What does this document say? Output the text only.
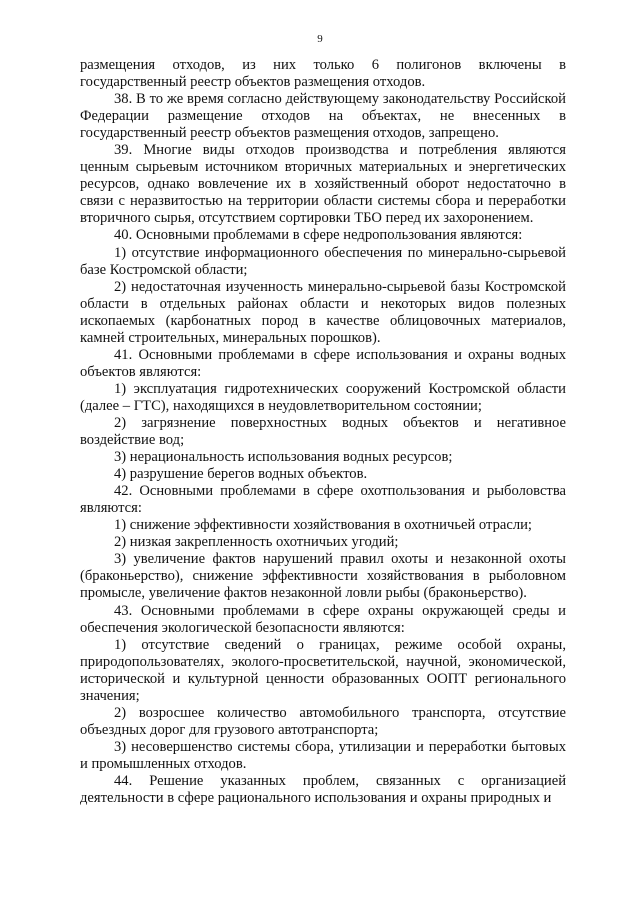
9

размещения отходов, из них только 6 полигонов включены в государственный реестр объектов размещения отходов.

38. В то же время согласно действующему законодательству Российской Федерации размещение отходов на объектах, не внесенных в государственный реестр объектов размещения отходов, запрещено.

39. Многие виды отходов производства и потребления являются ценным сырьевым источником вторичных материальных и энергетических ресурсов, однако вовлечение их в хозяйственный оборот недостаточно в связи с неразвитостью на территории области системы сбора и переработки вторичного сырья, отсутствием сортировки ТБО перед их захоронением.

40. Основными проблемами в сфере недропользования являются:

1) отсутствие информационного обеспечения по минерально-сырьевой базе Костромской области;

2) недостаточная изученность минерально-сырьевой базы Костромской области в отдельных районах области и некоторых видов полезных ископаемых (карбонатных пород в качестве облицовочных материалов, камней строительных, минеральных порошков).

41. Основными проблемами в сфере использования и охраны водных объектов являются:

1) эксплуатация гидротехнических сооружений Костромской области (далее – ГТС), находящихся в неудовлетворительном состоянии;

2) загрязнение поверхностных водных объектов и негативное воздействие вод;

3) нерациональность использования водных ресурсов;

4) разрушение берегов водных объектов.

42. Основными проблемами в сфере охотпользования и рыболовства являются:

1) снижение эффективности хозяйствования в охотничьей отрасли;

2) низкая закрепленность охотничьих угодий;

3) увеличение фактов нарушений правил охоты и незаконной охоты (браконьерство), снижение эффективности хозяйствования в рыболовном промысле, увеличение фактов незаконной ловли рыбы (браконьерство).

43. Основными проблемами в сфере охраны окружающей среды и обеспечения экологической безопасности являются:

1) отсутствие сведений о границах, режиме особой охраны, природопользователях, эколого-просветительской, научной, экономической, исторической и культурной ценности образованных ООПТ регионального значения;

2) возросшее количество автомобильного транспорта, отсутствие объездных дорог для грузового автотранспорта;

3) несовершенство системы сбора, утилизации и переработки бытовых и промышленных отходов.

44. Решение указанных проблем, связанных с организацией деятельности в сфере рационального использования и охраны природных и
